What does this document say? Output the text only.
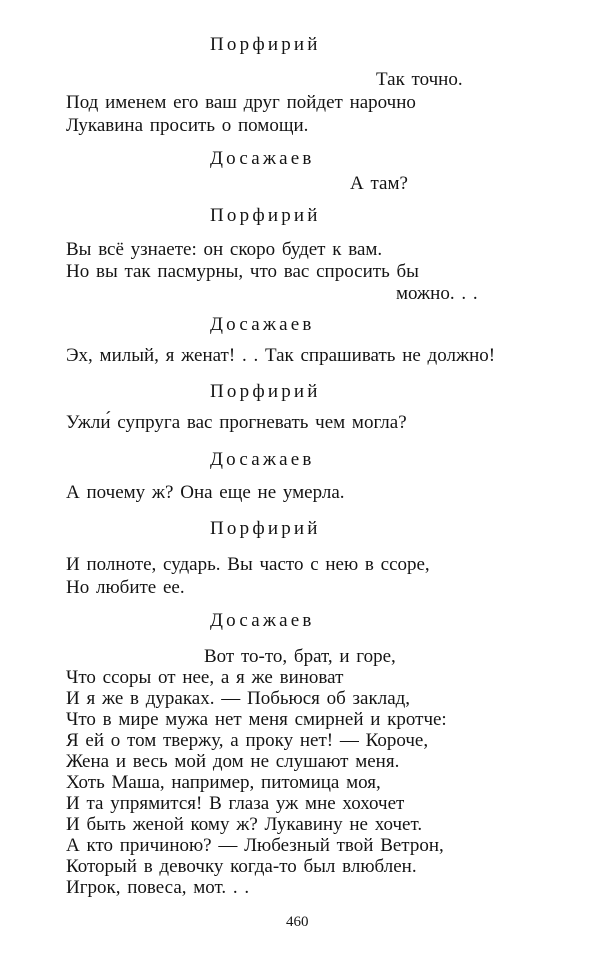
Порфирий
Так точно.
Под именем его ваш друг пойдет нарочно
Лукавина просить о помощи.
Досажаев
А там?
Порфирий
Вы всё узнаете: он скоро будет к вам.
Но вы так пасмурны, что вас спросить бы
можно. . .
Досажаев
Эх, милый, я женат! . . Так спрашивать не должно!
Порфирий
Ужли́ супруга вас прогневать чем могла?
Досажаев
А почему ж? Она еще не умерла.
Порфирий
И полноте, сударь. Вы часто с нею в ссоре,
Но любите ее.
Досажаев
Вот то-то, брат, и горе,
Что ссоры от нее, а я же виноват
И я же в дураках. — Побьюся об заклад,
Что в мире мужа нет меня смирней и кротче:
Я ей о том твержу, а проку нет! — Короче,
Жена и весь мой дом не слушают меня.
Хоть Маша, например, питомица моя,
И та упрямится! В глаза уж мне хохочет
И быть женой кому ж? Лукавину не хочет.
А кто причиною? — Любезный твой Ветрон,
Который в девочку когда-то был влюблен.
Игрок, повеса, мот. . .
460
